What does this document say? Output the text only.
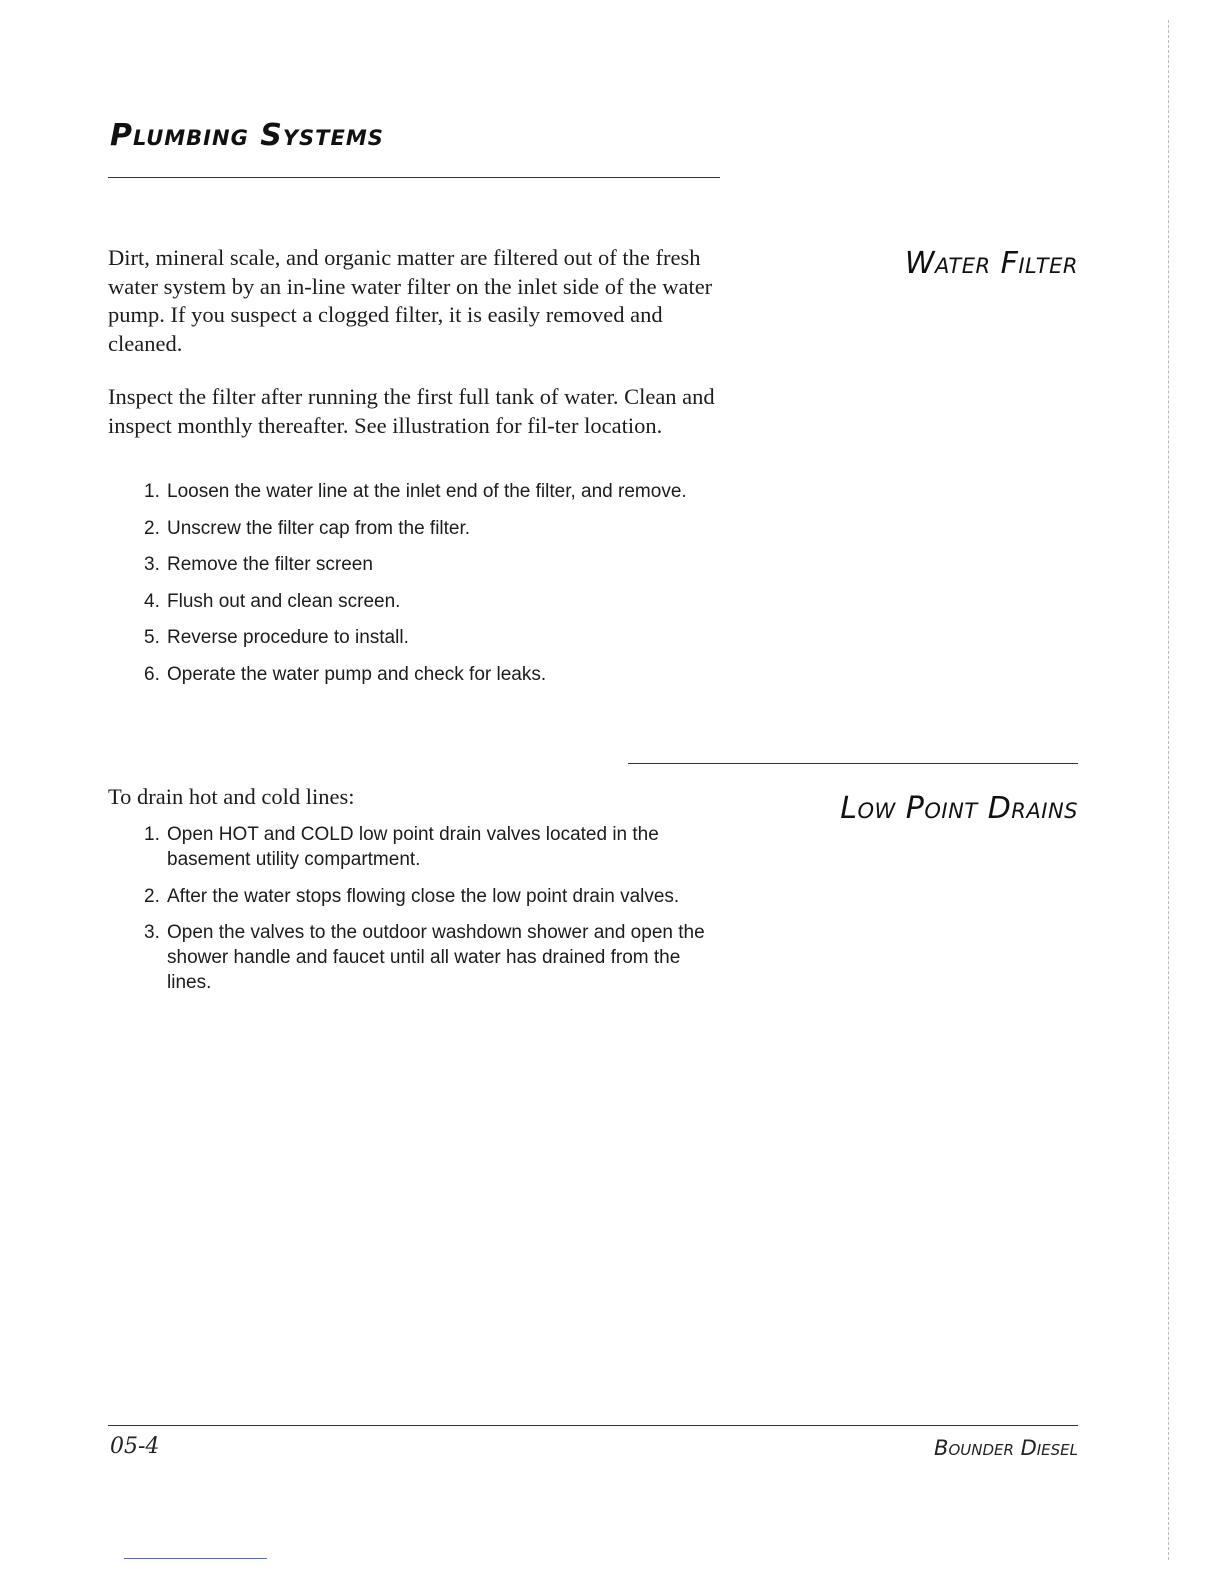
Plumbing Systems
Water Filter

Dirt, mineral scale, and organic matter are filtered out of the fresh water system by an in-line water filter on the inlet side of the water pump. If you suspect a clogged filter, it is easily removed and cleaned.

Inspect the filter after running the first full tank of water. Clean and inspect monthly thereafter. See illustration for fil-ter location.

1. Loosen the water line at the inlet end of the filter, and remove.
2. Unscrew the filter cap from the filter.
3. Remove the filter screen
4. Flush out and clean screen.
5. Reverse procedure to install.
6. Operate the water pump and check for leaks.
Low Point Drains

To drain hot and cold lines:

1. Open HOT and COLD low point drain valves located in the basement utility compartment.
2. After the water stops flowing close the low point drain valves.
3. Open the valves to the outdoor washdown shower and open the shower handle and faucet until all water has drained from the lines.
05-4	Bounder Diesel
